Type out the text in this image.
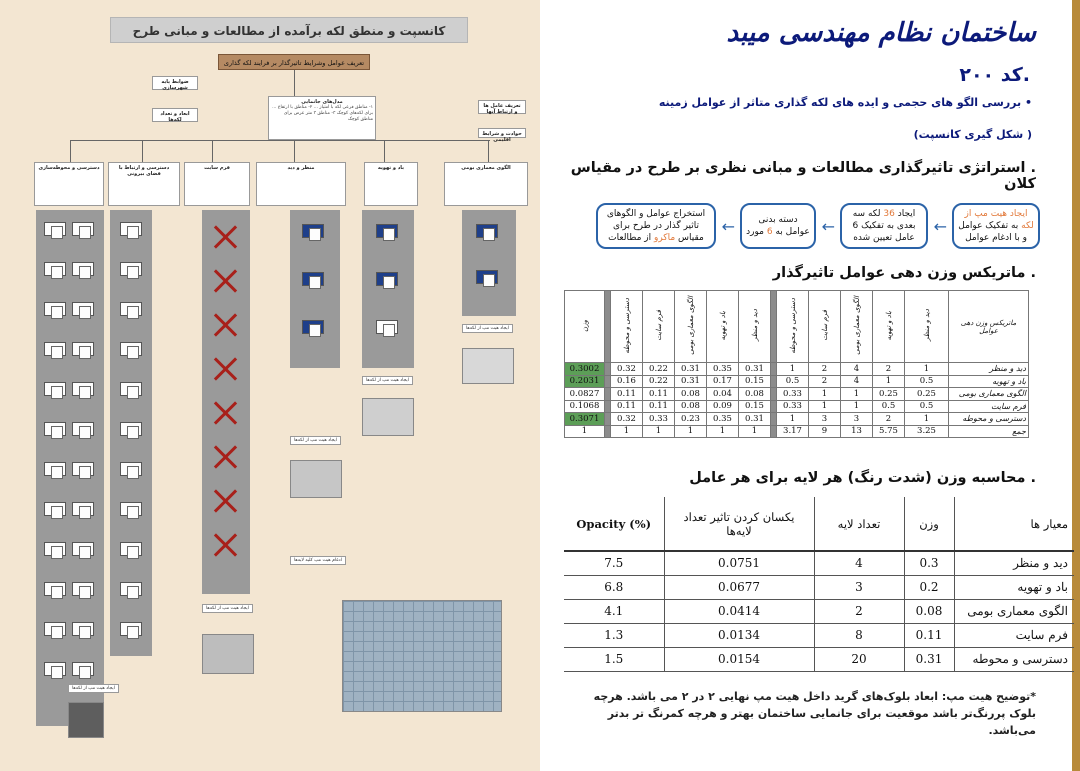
کانسپت و منطق لکه برآمده از مطالعات و مبانی طرح
تعریف عوامل وشرایط تاثیرگذار بر فرایند لکه گذاری
مدل‌های جانمایی
۱- مناطق فرعی لکه با امتیاز ... ۲- مناطق با ارتفاع ... برای لکه‌های کوچک ۳- مناطق ۳ متر عرض برای مناطق کوچک
ضوابط پایه شهرسازی
ابعاد و تعداد لکه‌ها
تعریف عامل ها و ارتباط آنها
حوادث و شرایط اقلیمی
دسترسی و محوطه‌سازی	دسترسی و ارتباط با فضای بیرونی
فرم سایت	منظر و دید	باد و تهویه	الگوی معماری بومی
ایجاد هیت مپ از لکه‌ها
ایجاد هیت مپ از لکه‌ها
ایجاد هیت مپ از لکه‌ها
ایجاد هیت مپ از لکه‌ها
ایجاد هیت مپ از لکه‌ها
ادغام هیت مپ کلیه لایه‌ها
ساختمان نظام مهندسی میبد
.کد ۲۰۰
• بررسی الگو های حجمی و ایده های لکه گذاری متاثر از عوامل زمینه
( شکل گیری کانسپت)
. استراتژی تاثیرگذاری مطالعات و مبانی نظری بر طرح در مقیاس کلان
ایجاد هیت مپ از لکه به تفکیک عوامل و با ادغام عوامل
←
ایجاد 36 لکه سه بعدی به تفکیک 6 عامل تعیین شده
←
دسته بدنی عوامل به 6 مورد
←
استخراج عوامل و الگوهای تاثیر گذار در طرح برای مقیاس ماکرو از مطالعات
. ماتریکس وزن دهی عوامل تاثیرگذار
وزن		دسترسی و محوطه	فرم سایت	الگوی معماری بومی	باد و تهویه	دید و منظر		دسترسی و محوطه	فرم سایت	الگوی معماری بومی	باد و تهویه	دید و منظر	ماتریکس وزن دهی عوامل
0.3002		0.32	0.22	0.31	0.35	0.31		1	2	4	2	1	دید و منظر
0.2031		0.16	0.22	0.31	0.17	0.15		0.5	2	4	1	0.5	باد و تهویه
0.0827		0.11	0.11	0.08	0.04	0.08		0.33	1	1	0.25	0.25	الگوی معماری بومی
0.1068		0.11	0.11	0.08	0.09	0.15		0.33	1	1	0.5	0.5	فرم سایت
0.3071		0.32	0.33	0.23	0.35	0.31		1	3	3	2	1	دسترسی و محوطه
1		1	1	1	1	1		3.17	9	13	5.75	3.25	جمع
. محاسبه وزن (شدت رنگ) هر لایه برای هر عامل
معیار ها	وزن	تعداد لایه	یکسان کردن تاثیر تعداد لایه‌ها	Opacity (%)
دید و منظر	0.3	4	0.0751	7.5
باد و تهویه	0.2	3	0.0677	6.8
الگوی معماری بومی	0.08	2	0.0414	4.1
فرم سایت	0.11	8	0.0134	1.3
دسترسی و محوطه	0.31	20	0.0154	1.5
*توضیح هیت مپ: ابعاد بلوک‌های گرید داخل هیت مپ نهایی ۲ در ۲ می باشد. هرچه بلوک پررنگ‌تر باشد موقعیت برای جانمایی ساختمان بهتر و هرچه کمرنگ تر بدتر می‌باشد.
